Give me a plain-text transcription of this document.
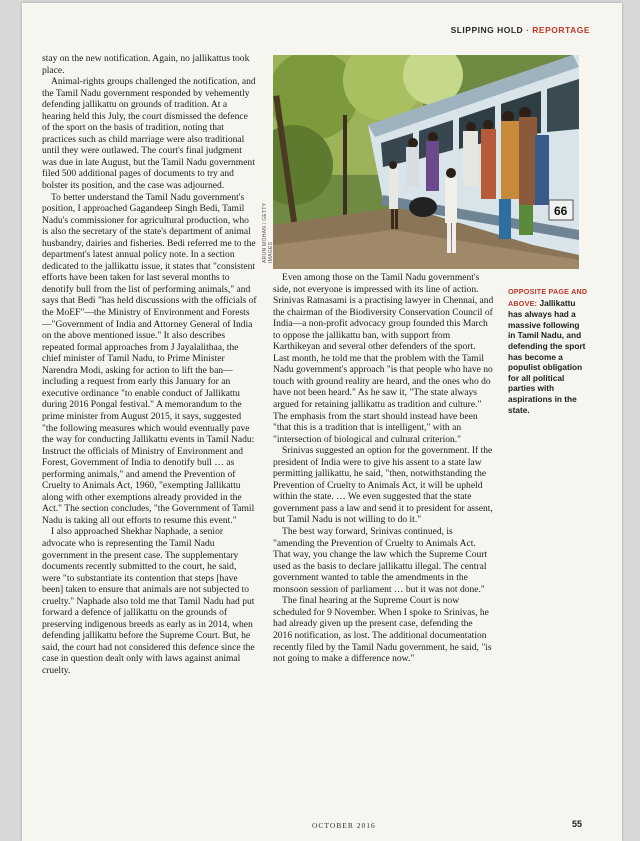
SLIPPING HOLD · REPORTAGE

stay on the new notification. Again, no jallikattus took place.

Animal-rights groups challenged the notification, and the Tamil Nadu government responded by vehemently defending jallikattu on grounds of tradition. At a hearing held this July, the court dismissed the defence of the sport on the basis of tradition, noting that practices such as child marriage were also traditional until they were outlawed. The court's final judgment was due in late August, but the Tamil Nadu government filed 500 additional pages of documents to try and bolster its position, and the case was adjourned.

To better understand the Tamil Nadu government's position, I approached Gagandeep Singh Bedi, Tamil Nadu's commissioner for agricultural production, who is also the secretary of the state's department of animal husbandry, dairies and fisheries. Bedi referred me to the department's latest annual policy note. In a section dedicated to the jallikattu issue, it states that "consistent efforts have been taken for last several months to denotify bull from the list of performing animals," and says that Bedi "has held discussions with the officials of the MoEF"—the Ministry of Environment and Forests—"Government of India and Attorney General of India on the above mentioned issue." It also describes repeated formal approaches from J Jayalalithaa, the chief minister of Tamil Nadu, to Prime Minister Narendra Modi, asking for action to lift the ban—including a request from early this January for an executive ordinance "to enable conduct of Jallikattu during 2016 Pongal festival." A memorandum to the prime minister from August 2015, it says, suggested "the following measures which would eventually pave the way for conducting Jallikattu events in Tamil Nadu: Instruct the officials of Ministry of Environment and Forest, Government of India to denotify bull … as performing animals," and amend the Prevention of Cruelty to Animals Act, 1960, "exempting Jallikattu along with other exemptions already provided in the Act." The section concludes, "the Government of Tamil Nadu is taking all out efforts to resume this event."

I also approached Shekhar Naphade, a senior advocate who is representing the Tamil Nadu government in the present case. The supplementary documents recently submitted to the court, he said, were "to substantiate its contention that steps [have been] taken to ensure that animals are not subjected to cruelty." Naphade also told me that Tamil Nadu had put forward a defence of jallikattu on the grounds of preserving indigenous breeds as early as in 2014, when defending jallikattu before the Supreme Court. But, he said, the court had not considered this defence since the case in question dealt only with laws against animal cruelty.

66
ARUN MOHAN / GETTY IMAGES

Even among those on the Tamil Nadu government's side, not everyone is impressed with its line of action. Srinivas Ratnasami is a practising lawyer in Chennai, and the chairman of the Biodiversity Conservation Council of India—a non-profit advocacy group founded this March to oppose the jallikattu ban, with support from Karthikeyan and several other defenders of the sport. Last month, he told me that the problem with the Tamil Nadu government's approach "is that people who have no touch with ground reality are heard, and the ones who do have not been heard." As he saw it, "The state always argued for retaining jallikattu as tradition and culture." The emphasis from the start should instead have been "that this is a tradition that is intelligent," with an "intersection of biological and cultural criterion."

Srinivas suggested an option for the government. If the president of India were to give his assent to a state law permitting jallikattu, he said, "then, notwithstanding the Prevention of Cruelty to Animals Act, it will be upheld within the state. … We even suggested that the state government pass a law and send it to president for assent, but Tamil Nadu is not willing to do it."

The best way forward, Srinivas continued, is "amending the Prevention of Cruelty to Animals Act. That way, you change the law which the Supreme Court used as the basis to declare jallikattu illegal. The central government wanted to table the amendments in the monsoon session of parliament … but it was not done."

The final hearing at the Supreme Court is now scheduled for 9 November. When I spoke to Srinivas, he had already given up the present case, defending the 2016 notification, as lost. The additional documentation recently filed by the Tamil Nadu government, he said, "is not going to make a difference now."

OPPOSITE PAGE AND ABOVE: Jallikattu has always had a massive following in Tamil Nadu, and defending the sport has become a populist obligation for all political parties with aspirations in the state.
OCTOBER 2016	55
